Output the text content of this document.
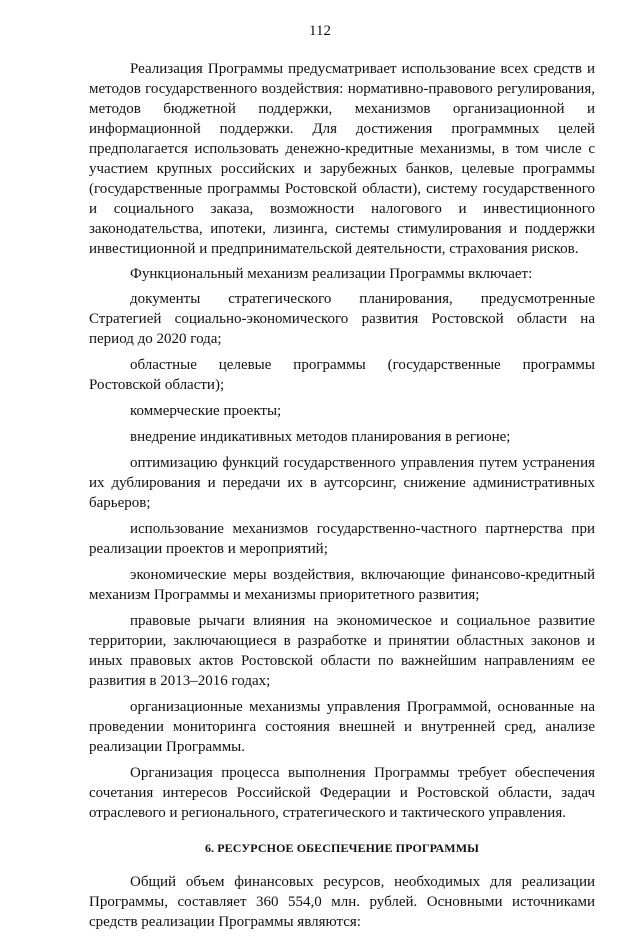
112

Реализация Программы предусматривает использование всех средств и методов государственного воздействия: нормативно-правового регулирования, методов бюджетной поддержки, механизмов организационной и информационной поддержки. Для достижения программных целей предполагается использовать денежно-кредитные механизмы, в том числе с участием крупных российских и зарубежных банков, целевые программы (государственные программы Ростовской области), систему государственного и социального заказа, возможности налогового и инвестиционного законодательства, ипотеки, лизинга, системы стимулирования и поддержки инвестиционной и предпринимательской деятельности, страхования рисков.

Функциональный механизм реализации Программы включает:

документы стратегического планирования, предусмотренные Стратегией социально-экономического развития Ростовской области на период до 2020 года;

областные целевые программы (государственные программы Ростовской области);

коммерческие проекты;

внедрение индикативных методов планирования в регионе;

оптимизацию функций государственного управления путем устранения их дублирования и передачи их в аутсорсинг, снижение административных барьеров;

использование механизмов государственно-частного партнерства при реализации проектов и мероприятий;

экономические меры воздействия, включающие финансово-кредитный механизм Программы и механизмы приоритетного развития;

правовые рычаги влияния на экономическое и социальное развитие территории, заключающиеся в разработке и принятии областных законов и иных правовых актов Ростовской области по важнейшим направлениям ее развития в 2013–2016 годах;

организационные механизмы управления Программой, основанные на проведении мониторинга состояния внешней и внутренней сред, анализе реализации Программы.

Организация процесса выполнения Программы требует обеспечения сочетания интересов Российской Федерации и Ростовской области, задач отраслевого и регионального, стратегического и тактического управления.

6. РЕСУРСНОЕ ОБЕСПЕЧЕНИЕ ПРОГРАММЫ

Общий объем финансовых ресурсов, необходимых для реализации Программы, составляет 360 554,0 млн. рублей. Основными источниками средств реализации Программы являются:
